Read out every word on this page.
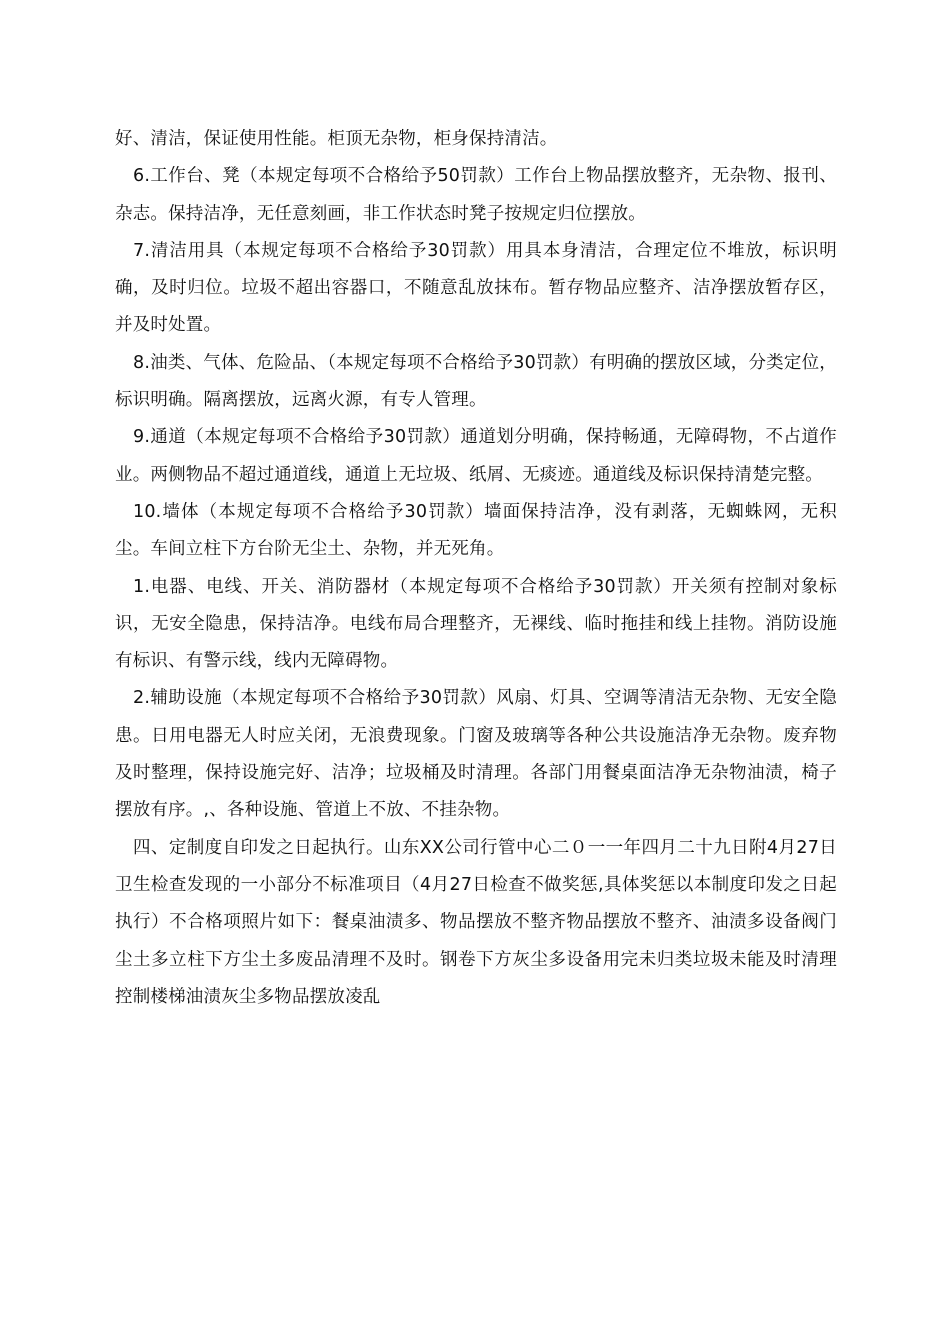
好、清洁，保证使用性能。柜顶无杂物，柜身保持清洁。

6.工作台、凳（本规定每项不合格给予50罚款）工作台上物品摆放整齐，无杂物、报刊、杂志。保持洁净，无任意刻画，非工作状态时凳子按规定归位摆放。

7.清洁用具（本规定每项不合格给予30罚款）用具本身清洁，合理定位不堆放，标识明确，及时归位。垃圾不超出容器口，不随意乱放抹布。暂存物品应整齐、洁净摆放暂存区，并及时处置。

8.油类、气体、危险品、（本规定每项不合格给予30罚款）有明确的摆放区域，分类定位，标识明确。隔离摆放，远离火源，有专人管理。

9.通道（本规定每项不合格给予30罚款）通道划分明确，保持畅通，无障碍物，不占道作业。两侧物品不超过通道线，通道上无垃圾、纸屑、无痰迹。通道线及标识保持清楚完整。

10.墙体（本规定每项不合格给予30罚款）墙面保持洁净，没有剥落，无蜘蛛网，无积尘。车间立柱下方台阶无尘土、杂物，并无死角。

1.电器、电线、开关、消防器材（本规定每项不合格给予30罚款）开关须有控制对象标识，无安全隐患，保持洁净。电线布局合理整齐，无裸线、临时拖挂和线上挂物。消防设施有标识、有警示线，线内无障碍物。

2.辅助设施（本规定每项不合格给予30罚款）风扇、灯具、空调等清洁无杂物、无安全隐患。日用电器无人时应关闭，无浪费现象。门窗及玻璃等各种公共设施洁净无杂物。废弃物及时整理，保持设施完好、洁净；垃圾桶及时清理。各部门用餐桌面洁净无杂物油渍，椅子摆放有序。,、各种设施、管道上不放、不挂杂物。

四、定制度自印发之日起执行。山东XX公司行管中心二０一一年四月二十九日附4月27日卫生检查发现的一小部分不标准项目（4月27日检查不做奖惩,具体奖惩以本制度印发之日起执行）不合格项照片如下：餐桌油渍多、物品摆放不整齐物品摆放不整齐、油渍多设备阀门尘土多立柱下方尘土多废品清理不及时。钢卷下方灰尘多设备用完未归类垃圾未能及时清理控制楼梯油渍灰尘多物品摆放凌乱
